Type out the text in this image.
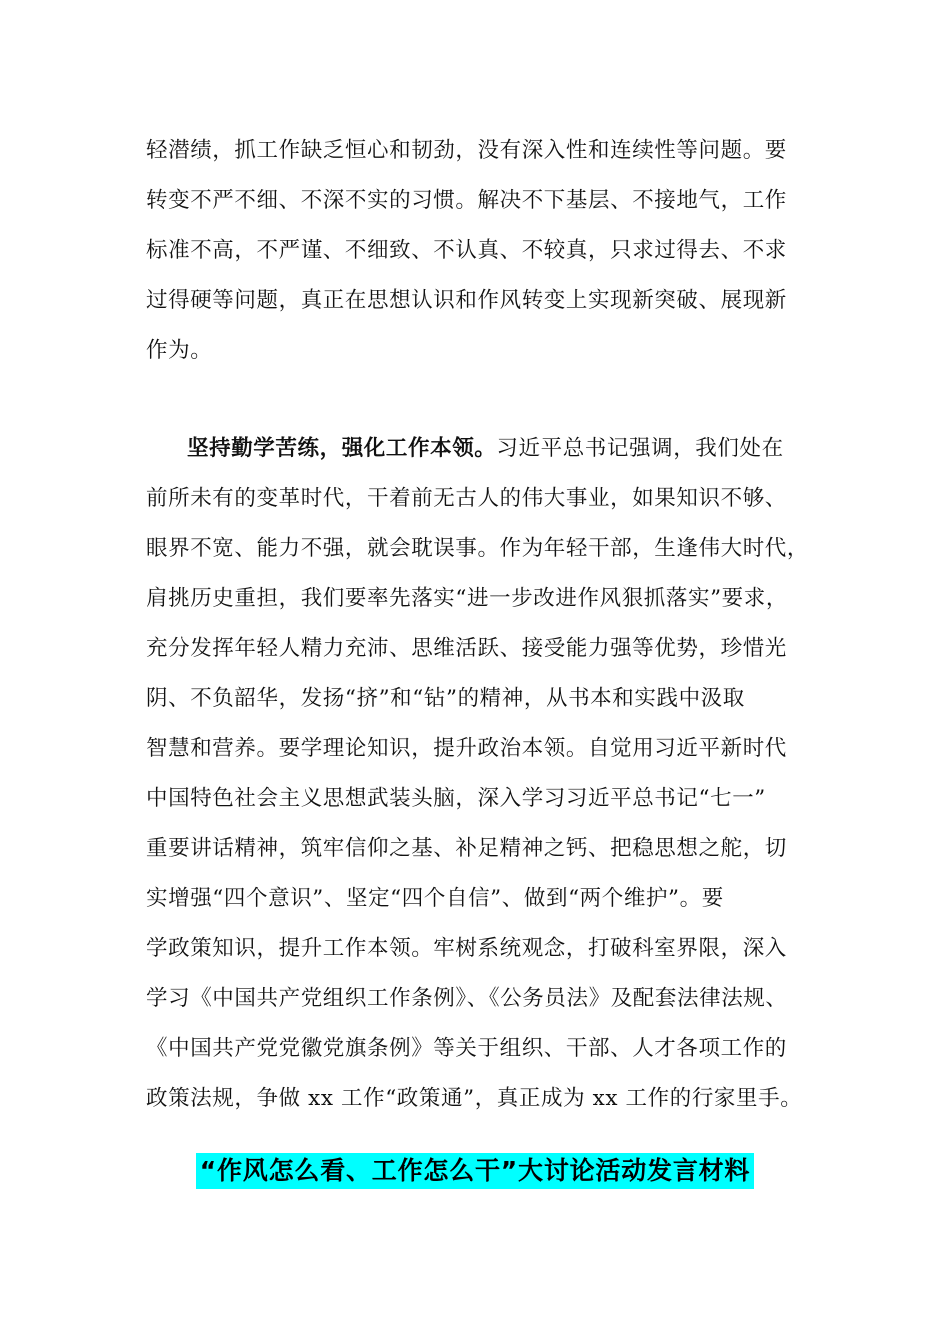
轻潜绩，抓工作缺乏恒心和韧劲，没有深入性和连续性等问题。要
转变不严不细、不深不实的习惯。解决不下基层、不接地气，工作
标准不高，不严谨、不细致、不认真、不较真，只求过得去、不求
过得硬等问题，真正在思想认识和作风转变上实现新突破、展现新
作为。
坚持勤学苦练，强化工作本领。习近平总书记强调，我们处在
前所未有的变革时代，干着前无古人的伟大事业，如果知识不够、
眼界不宽、能力不强，就会耽误事。作为年轻干部，生逢伟大时代，
肩挑历史重担，我们要率先落实“进一步改进作风狠抓落实”要求，
充分发挥年轻人精力充沛、思维活跃、接受能力强等优势，珍惜光
阴、不负韶华，发扬“挤”和“钻”的精神，从书本和实践中汲取
智慧和营养。要学理论知识，提升政治本领。自觉用习近平新时代
中国特色社会主义思想武装头脑，深入学习习近平总书记“七一”
重要讲话精神，筑牢信仰之基、补足精神之钙、把稳思想之舵，切
实增强“四个意识”、坚定“四个自信”、做到“两个维护”。要
学政策知识，提升工作本领。牢树系统观念，打破科室界限，深入
学习《中国共产党组织工作条例》、《公务员法》及配套法律法规、
《中国共产党党徽党旗条例》等关于组织、干部、人才各项工作的
政策法规，争做 xx 工作“政策通”，真正成为 xx 工作的行家里手。
“作风怎么看、工作怎么干”大讨论活动发言材料
